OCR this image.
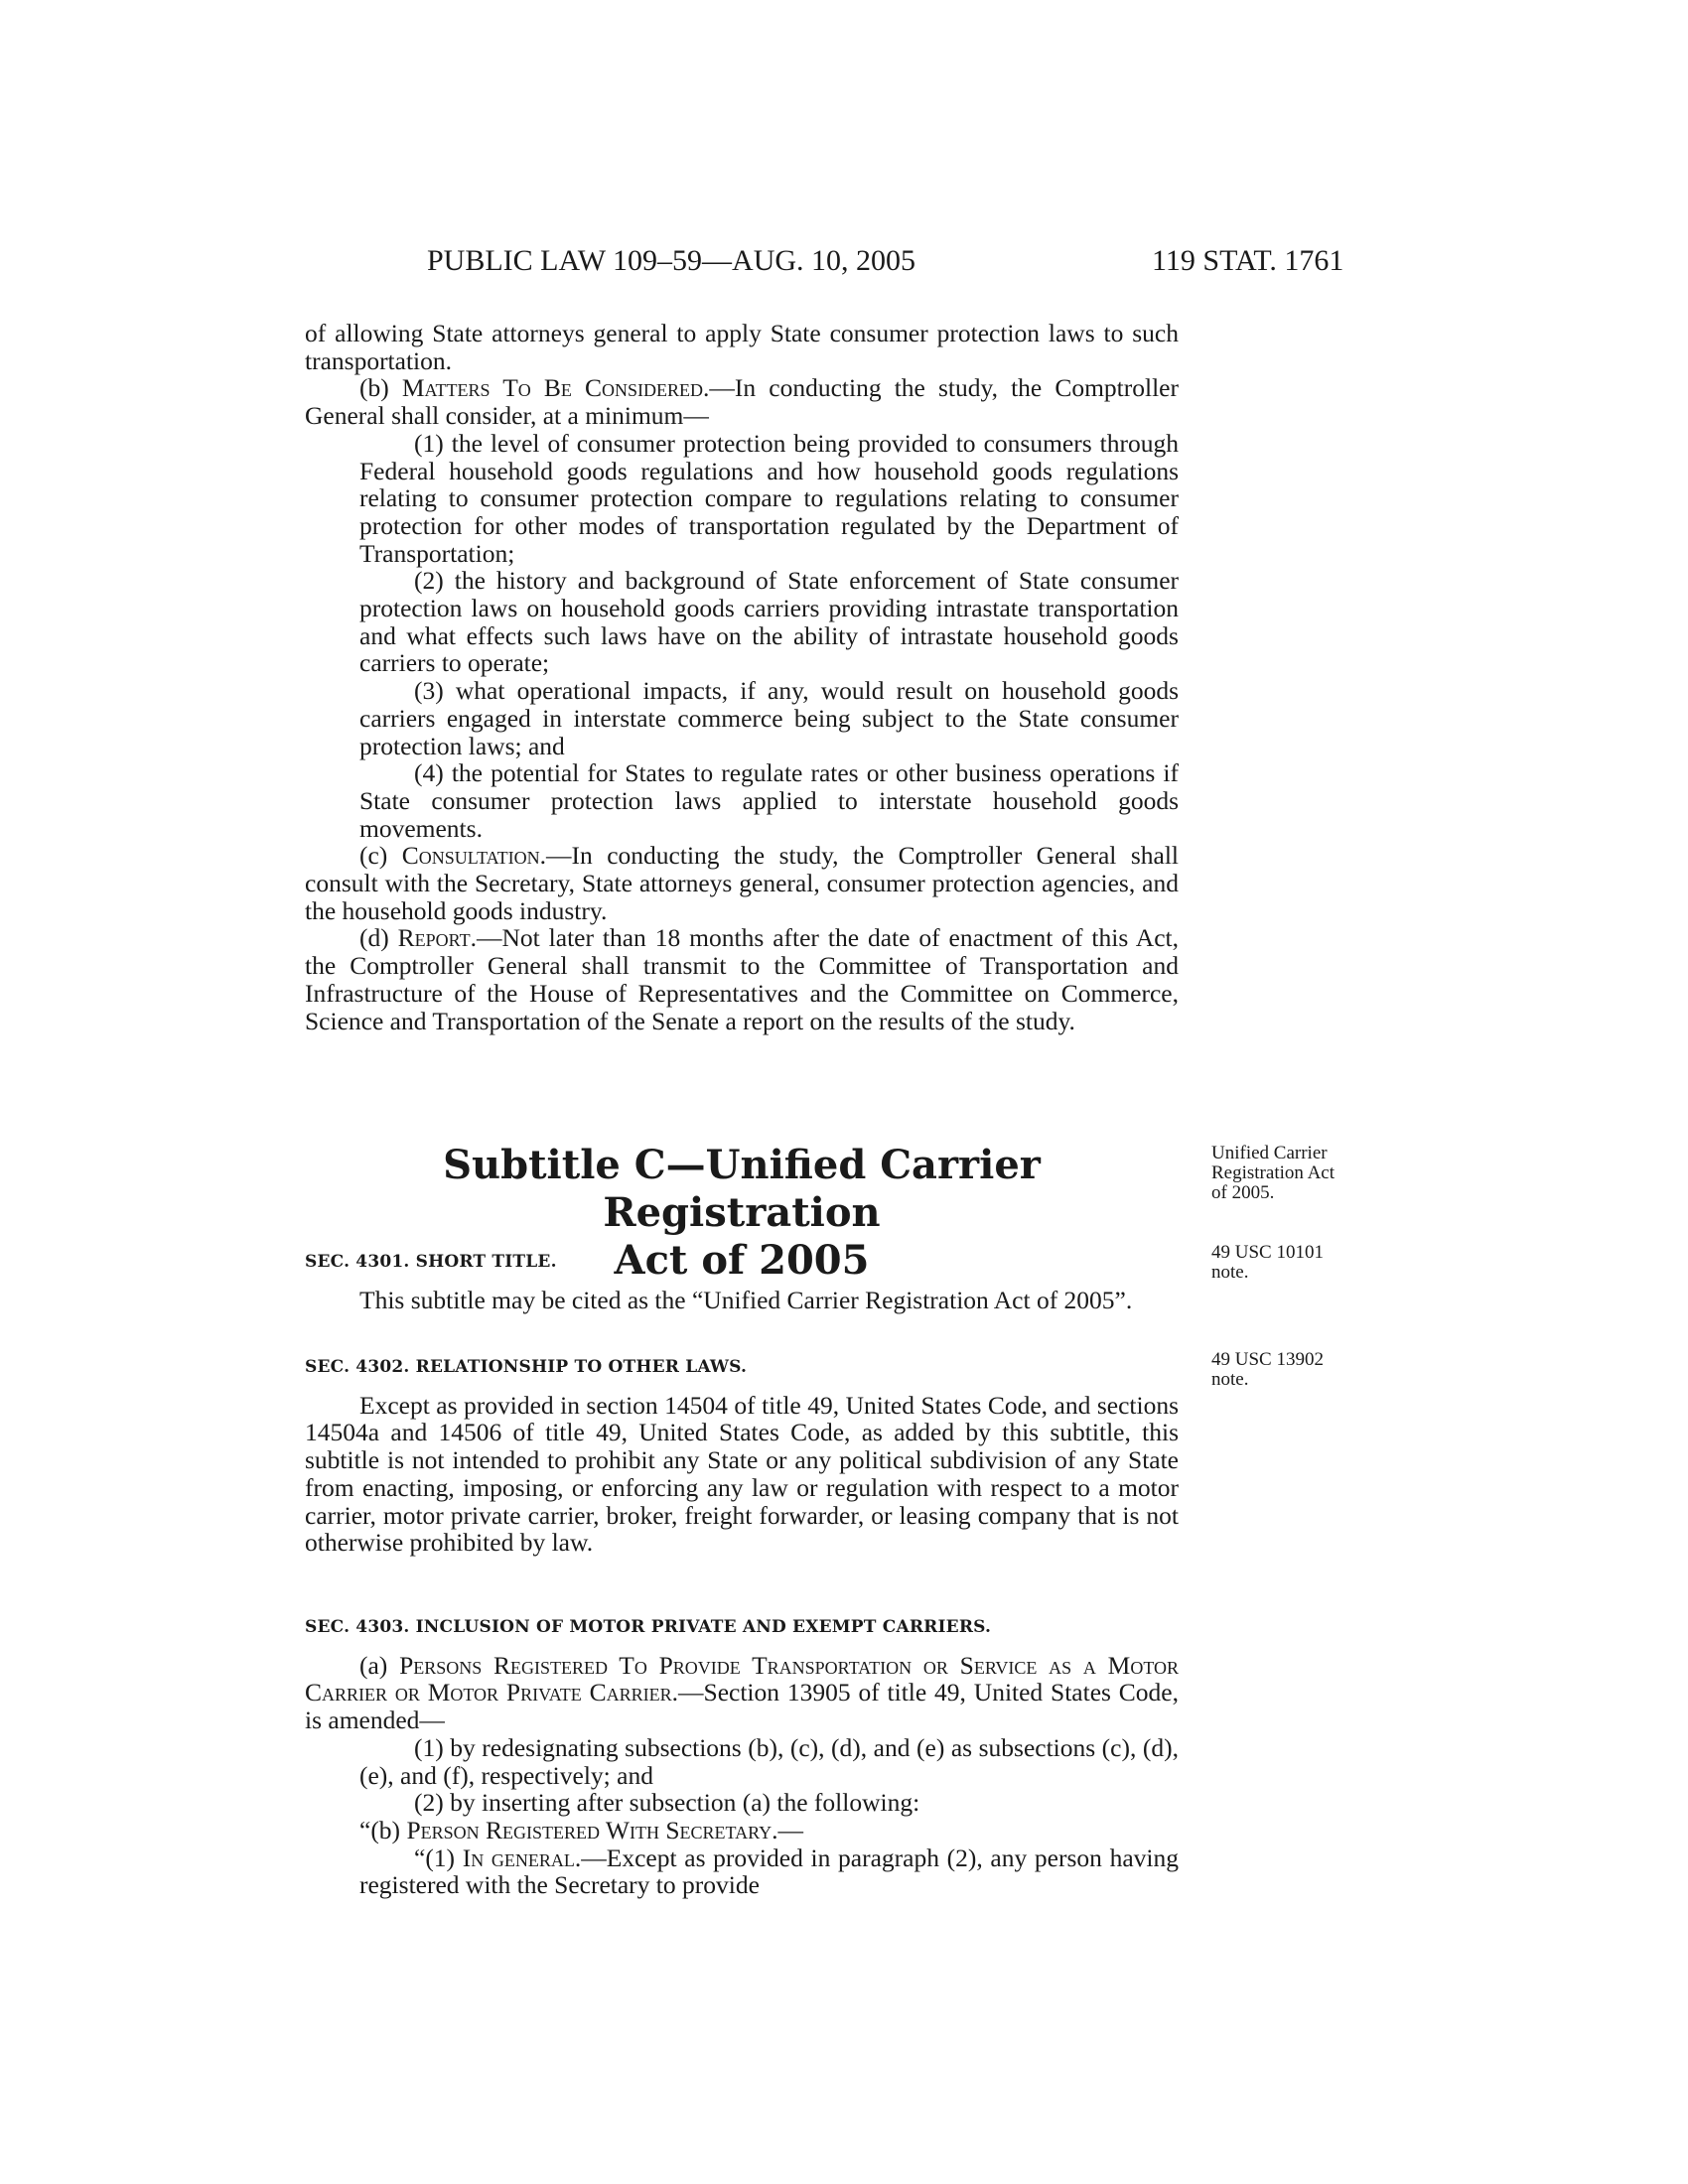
PUBLIC LAW 109–59—AUG. 10, 2005	119 STAT. 1761

of allowing State attorneys general to apply State consumer protection laws to such transportation.

(b) Matters To Be Considered.—In conducting the study, the Comptroller General shall consider, at a minimum—

(1) the level of consumer protection being provided to consumers through Federal household goods regulations and how household goods regulations relating to consumer protection compare to regulations relating to consumer protection for other modes of transportation regulated by the Department of Transportation;

(2) the history and background of State enforcement of State consumer protection laws on household goods carriers providing intrastate transportation and what effects such laws have on the ability of intrastate household goods carriers to operate;

(3) what operational impacts, if any, would result on household goods carriers engaged in interstate commerce being subject to the State consumer protection laws; and

(4) the potential for States to regulate rates or other business operations if State consumer protection laws applied to interstate household goods movements.

(c) Consultation.—In conducting the study, the Comptroller General shall consult with the Secretary, State attorneys general, consumer protection agencies, and the household goods industry.

(d) Report.—Not later than 18 months after the date of enactment of this Act, the Comptroller General shall transmit to the Committee of Transportation and Infrastructure of the House of Representatives and the Committee on Commerce, Science and Transportation of the Senate a report on the results of the study.

Subtitle C—Unified Carrier Registration
Act of 2005

SEC. 4301. SHORT TITLE.

This subtitle may be cited as the “Unified Carrier Registration Act of 2005”.

SEC. 4302. RELATIONSHIP TO OTHER LAWS.

Except as provided in section 14504 of title 49, United States Code, and sections 14504a and 14506 of title 49, United States Code, as added by this subtitle, this subtitle is not intended to prohibit any State or any political subdivision of any State from enacting, imposing, or enforcing any law or regulation with respect to a motor carrier, motor private carrier, broker, freight forwarder, or leasing company that is not otherwise prohibited by law.

SEC. 4303. INCLUSION OF MOTOR PRIVATE AND EXEMPT CARRIERS.

(a) Persons Registered To Provide Transportation or Service as a Motor Carrier or Motor Private Carrier.—Section 13905 of title 49, United States Code, is amended—

(1) by redesignating subsections (b), (c), (d), and (e) as subsections (c), (d), (e), and (f), respectively; and

(2) by inserting after subsection (a) the following:

“(b) Person Registered With Secretary.—

“(1) In general.—Except as provided in paragraph (2), any person having registered with the Secretary to provide

Unified Carrier
Registration Act
of 2005.
49 USC 10101
note.
49 USC 13902
note.
